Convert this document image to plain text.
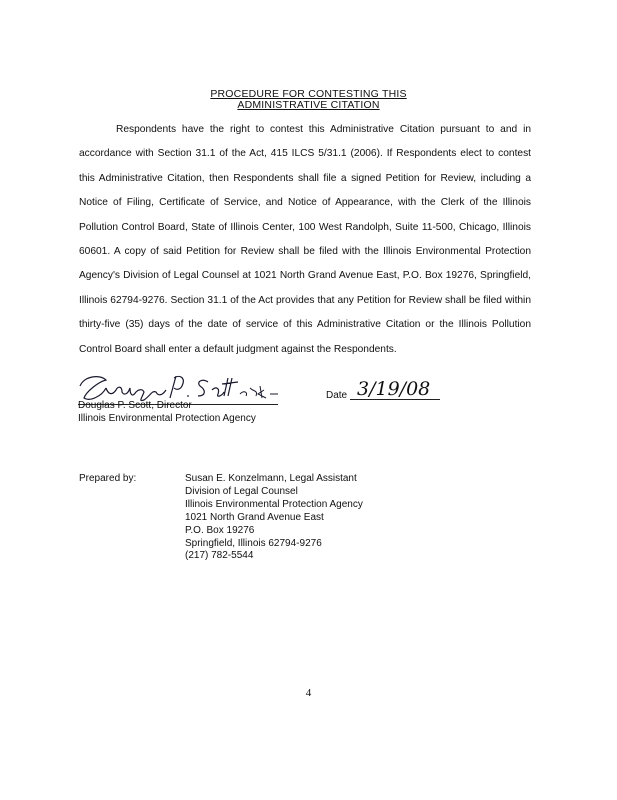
PROCEDURE FOR CONTESTING THIS
ADMINISTRATIVE CITATION

Respondents have the right to contest this Administrative Citation pursuant to and in accordance with Section 31.1 of the Act, 415 ILCS 5/31.1 (2006). If Respondents elect to contest this Administrative Citation, then Respondents shall file a signed Petition for Review, including a Notice of Filing, Certificate of Service, and Notice of Appearance, with the Clerk of the Illinois Pollution Control Board, State of Illinois Center, 100 West Randolph, Suite 11-500, Chicago, Illinois 60601. A copy of said Petition for Review shall be filed with the Illinois Environmental Protection Agency's Division of Legal Counsel at 1021 North Grand Avenue East, P.O. Box 19276, Springfield, Illinois 62794-9276. Section 31.1 of the Act provides that any Petition for Review shall be filed within thirty-five (35) days of the date of service of this Administrative Citation or the Illinois Pollution Control Board shall enter a default judgment against the Respondents.

Douglas P. Scott, Director
Illinois Environmental Protection Agency
Date 3/19/08
Prepared by:	Susan E. Konzelmann, Legal Assistant
Division of Legal Counsel
Illinois Environmental Protection Agency
1021 North Grand Avenue East
P.O. Box 19276
Springfield, Illinois 62794-9276
(217) 782-5544
4
